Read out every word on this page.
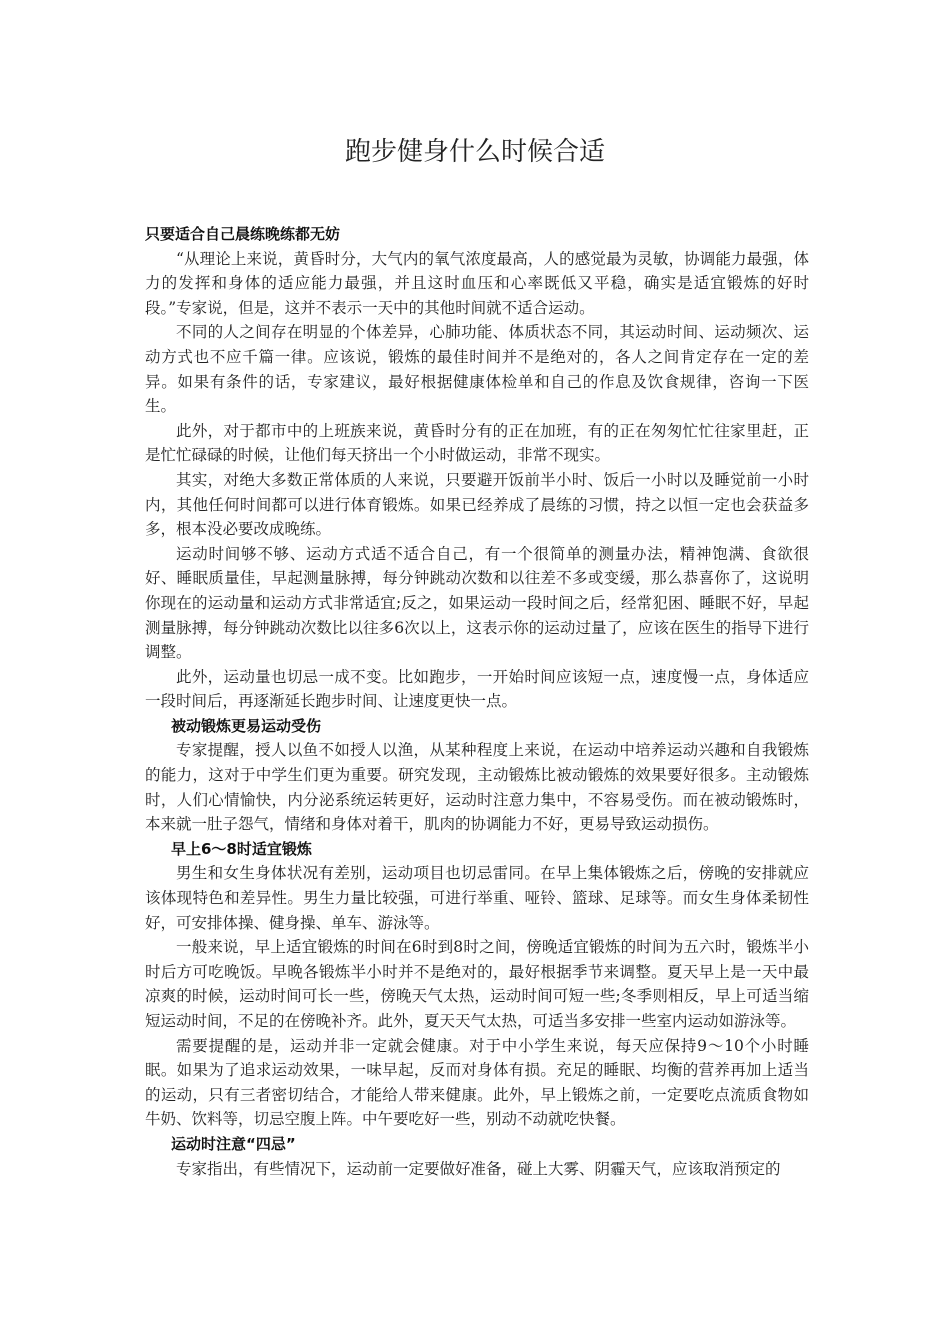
跑步健身什么时候合适
只要适合自己晨练晚练都无妨

“从理论上来说，黄昏时分，大气内的氧气浓度最高，人的感觉最为灵敏，协调能力最强，体力的发挥和身体的适应能力最强，并且这时血压和心率既低又平稳，确实是适宜锻炼的好时段。”专家说，但是，这并不表示一天中的其他时间就不适合运动。

不同的人之间存在明显的个体差异，心肺功能、体质状态不同，其运动时间、运动频次、运动方式也不应千篇一律。应该说，锻炼的最佳时间并不是绝对的，各人之间肯定存在一定的差异。如果有条件的话，专家建议，最好根据健康体检单和自己的作息及饮食规律，咨询一下医生。

此外，对于都市中的上班族来说，黄昏时分有的正在加班，有的正在匆匆忙忙往家里赶，正是忙忙碌碌的时候，让他们每天挤出一个小时做运动，非常不现实。

其实，对绝大多数正常体质的人来说，只要避开饭前半小时、饭后一小时以及睡觉前一小时内，其他任何时间都可以进行体育锻炼。如果已经养成了晨练的习惯，持之以恒一定也会获益多多，根本没必要改成晚练。

运动时间够不够、运动方式适不适合自己，有一个很简单的测量办法，精神饱满、食欲很好、睡眠质量佳，早起测量脉搏，每分钟跳动次数和以往差不多或变缓，那么恭喜你了，这说明你现在的运动量和运动方式非常适宜;反之，如果运动一段时间之后，经常犯困、睡眠不好，早起测量脉搏，每分钟跳动次数比以往多6次以上，这表示你的运动过量了，应该在医生的指导下进行调整。

此外，运动量也切忌一成不变。比如跑步，一开始时间应该短一点，速度慢一点，身体适应一段时间后，再逐渐延长跑步时间、让速度更快一点。

被动锻炼更易运动受伤

专家提醒，授人以鱼不如授人以渔，从某种程度上来说，在运动中培养运动兴趣和自我锻炼的能力，这对于中学生们更为重要。研究发现，主动锻炼比被动锻炼的效果要好很多。主动锻炼时，人们心情愉快，内分泌系统运转更好，运动时注意力集中，不容易受伤。而在被动锻炼时，本来就一肚子怨气，情绪和身体对着干，肌肉的协调能力不好，更易导致运动损伤。

早上6～8时适宜锻炼

男生和女生身体状况有差别，运动项目也切忌雷同。在早上集体锻炼之后，傍晚的安排就应该体现特色和差异性。男生力量比较强，可进行举重、哑铃、篮球、足球等。而女生身体柔韧性好，可安排体操、健身操、单车、游泳等。

一般来说，早上适宜锻炼的时间在6时到8时之间，傍晚适宜锻炼的时间为五六时，锻炼半小时后方可吃晚饭。早晚各锻炼半小时并不是绝对的，最好根据季节来调整。夏天早上是一天中最凉爽的时候，运动时间可长一些，傍晚天气太热，运动时间可短一些;冬季则相反，早上可适当缩短运动时间，不足的在傍晚补齐。此外，夏天天气太热，可适当多安排一些室内运动如游泳等。

需要提醒的是，运动并非一定就会健康。对于中小学生来说，每天应保持9～10个小时睡眠。如果为了追求运动效果，一味早起，反而对身体有损。充足的睡眠、均衡的营养再加上适当的运动，只有三者密切结合，才能给人带来健康。此外，早上锻炼之前，一定要吃点流质食物如牛奶、饮料等，切忌空腹上阵。中午要吃好一些，别动不动就吃快餐。

运动时注意“四忌”

专家指出，有些情况下，运动前一定要做好准备，碰上大雾、阴霾天气，应该取消预定的
